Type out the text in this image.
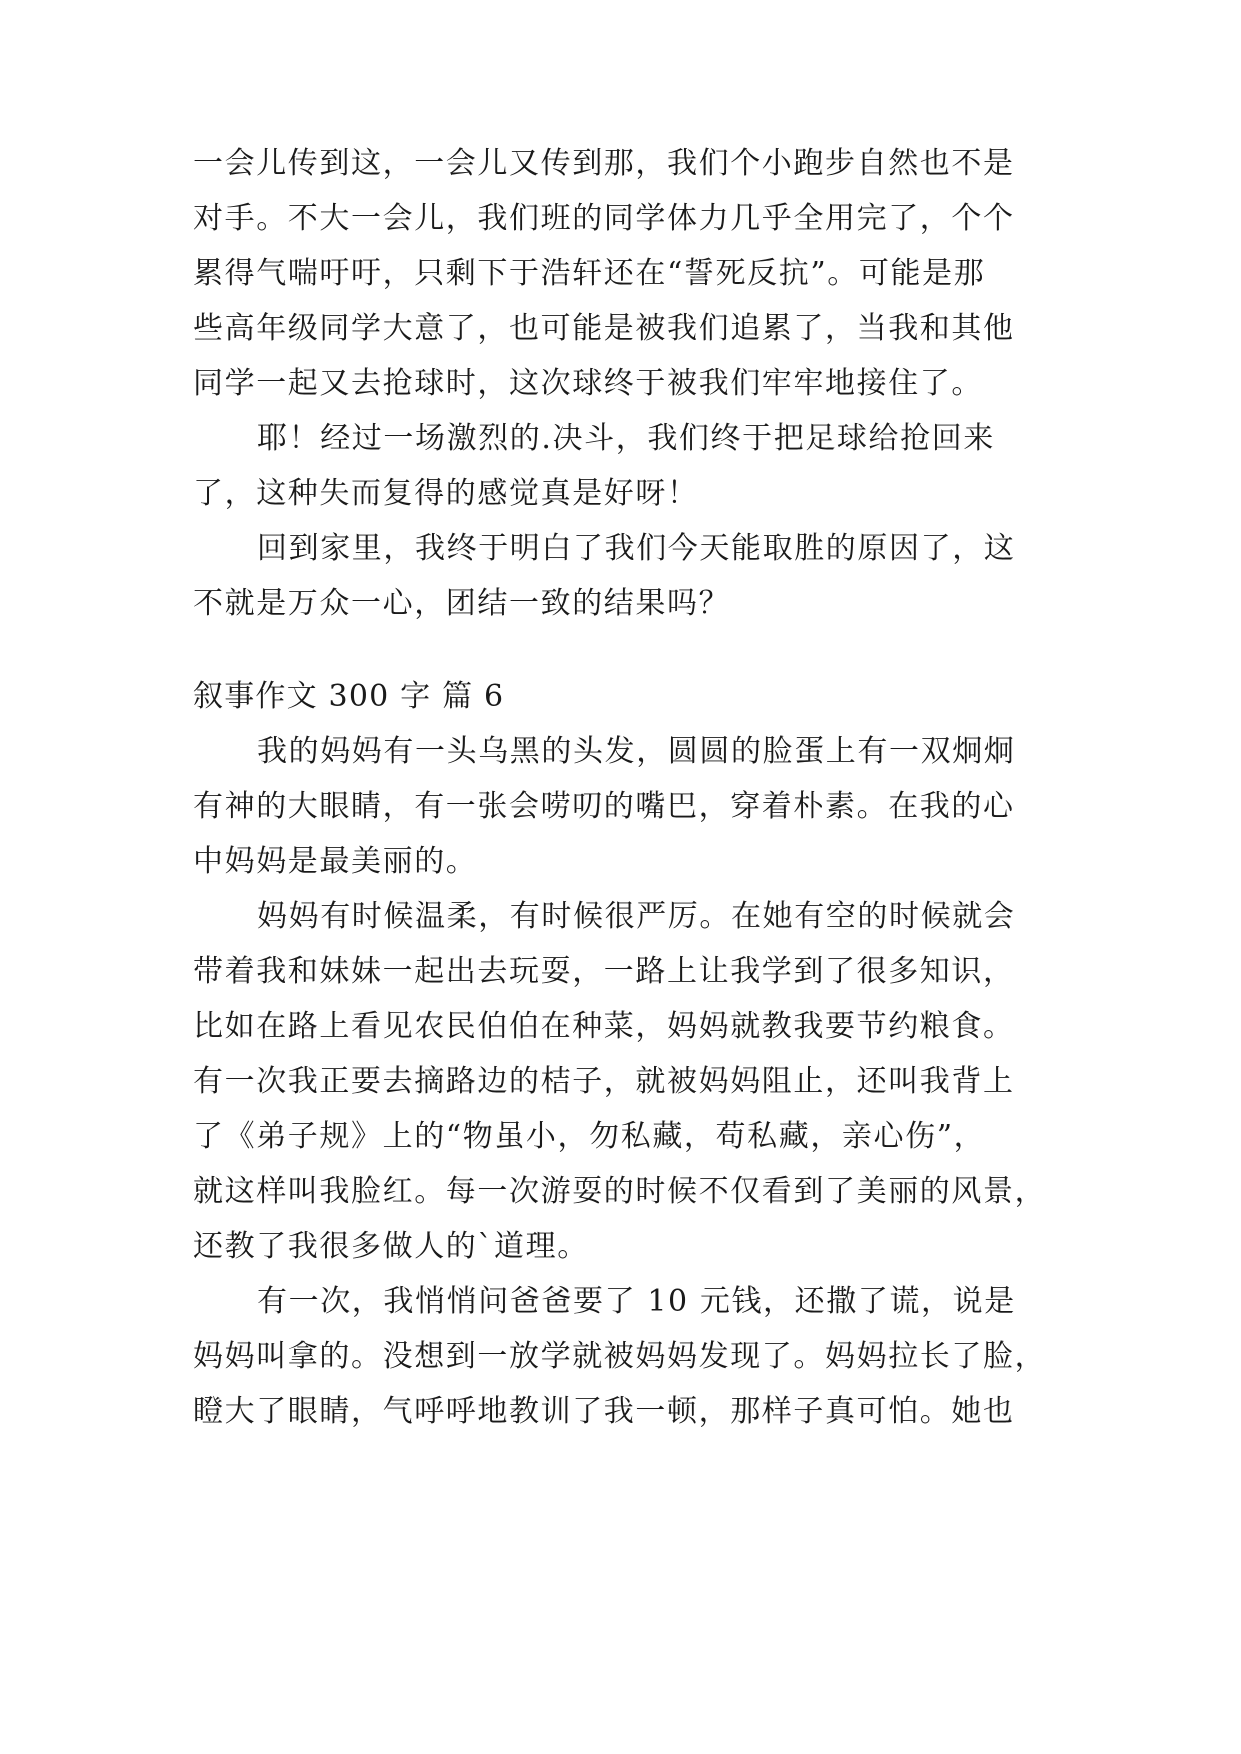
一会儿传到这，一会儿又传到那，我们个小跑步自然也不是
对手。不大一会儿，我们班的同学体力几乎全用完了，个个
累得气喘吁吁，只剩下于浩轩还在“誓死反抗”。可能是那
些高年级同学大意了，也可能是被我们追累了，当我和其他
同学一起又去抢球时，这次球终于被我们牢牢地接住了。
耶！经过一场激烈的.决斗，我们终于把足球给抢回来
了，这种失而复得的感觉真是好呀！
回到家里，我终于明白了我们今天能取胜的原因了，这
不就是万众一心，团结一致的结果吗？
叙事作文 300 字 篇 6
我的妈妈有一头乌黑的头发，圆圆的脸蛋上有一双炯炯
有神的大眼睛，有一张会唠叨的嘴巴，穿着朴素。在我的心
中妈妈是最美丽的。
妈妈有时候温柔，有时候很严厉。在她有空的时候就会
带着我和妹妹一起出去玩耍，一路上让我学到了很多知识，
比如在路上看见农民伯伯在种菜，妈妈就教我要节约粮食。
有一次我正要去摘路边的桔子，就被妈妈阻止，还叫我背上
了《弟子规》上的“物虽小，勿私藏，苟私藏，亲心伤”，
就这样叫我脸红。每一次游耍的时候不仅看到了美丽的风景，
还教了我很多做人的`道理。
有一次，我悄悄问爸爸要了 10 元钱，还撒了谎，说是
妈妈叫拿的。没想到一放学就被妈妈发现了。妈妈拉长了脸，
瞪大了眼睛，气呼呼地教训了我一顿，那样子真可怕。她也
